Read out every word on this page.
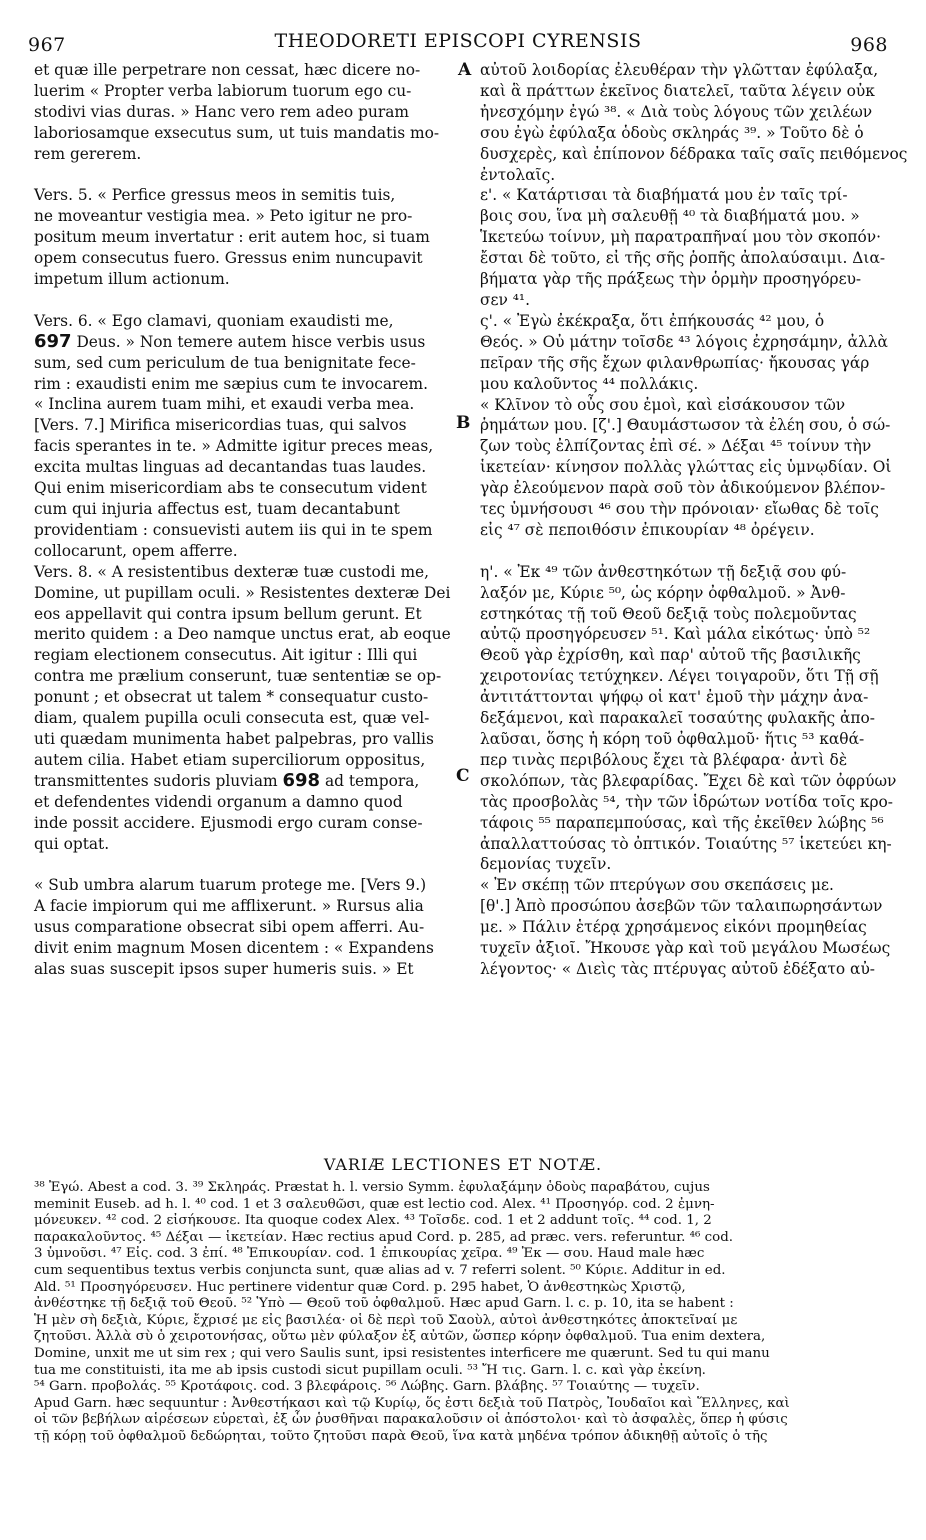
967	THEODORETI EPISCOPI CYRENSIS	968
A
B
C

et quæ ille perpetrare non cessat, hæc dicere no-

luerim « Propter verba labiorum tuorum ego cu-

stodivi vias duras. » Hanc vero rem adeo puram

laboriosamque exsecutus sum, ut tuis mandatis mo-

rem gererem.

Vers. 5. « Perfice gressus meos in semitis tuis,

ne moveantur vestigia mea. » Peto igitur ne pro-

positum meum invertatur : erit autem hoc, si tuam

opem consecutus fuero. Gressus enim nuncupavit

impetum illum actionum.

Vers. 6. « Ego clamavi, quoniam exaudisti me,

697 Deus. » Non temere autem hisce verbis usus

sum, sed cum periculum de tua benignitate fece-

rim : exaudisti enim me sæpius cum te invocarem.

« Inclina aurem tuam mihi, et exaudi verba mea.

[Vers. 7.] Mirifica misericordias tuas, qui salvos

facis sperantes in te. » Admitte igitur preces meas,

excita multas linguas ad decantandas tuas laudes.

Qui enim misericordiam abs te consecutum vident

cum qui injuria affectus est, tuam decantabunt

providentiam : consuevisti autem iis qui in te spem

collocarunt, opem afferre.

Vers. 8. « A resistentibus dexteræ tuæ custodi me,

Domine, ut pupillam oculi. » Resistentes dexteræ Dei

eos appellavit qui contra ipsum bellum gerunt. Et

merito quidem : a Deo namque unctus erat, ab eoque

regiam electionem consecutus. Ait igitur : Illi qui

contra me prælium conserunt, tuæ sententiæ se op-

ponunt ; et obsecrat ut talem * consequatur custo-

diam, qualem pupilla oculi consecuta est, quæ vel-

uti quædam munimenta habet palpebras, pro vallis

autem cilia. Habet etiam superciliorum oppositus,

transmittentes sudoris pluviam 698 ad tempora,

et defendentes videndi organum a damno quod

inde possit accidere. Ejusmodi ergo curam conse-

qui optat.

« Sub umbra alarum tuarum protege me. [Vers 9.)

A facie impiorum qui me afflixerunt. » Rursus alia

usus comparatione obsecrat sibi opem afferri. Au-

divit enim magnum Mosen dicentem : « Expandens

alas suas suscepit ipsos super humeris suis. » Et

αὐτοῦ λοιδορίας ἐλευθέραν τὴν γλῶτταν ἐφύλαξα,

καὶ ἃ πράττων ἐκεῖνος διατελεῖ, ταῦτα λέγειν οὐκ

ἠνεσχόμην ἐγώ ³⁸. « Διὰ τοὺς λόγους τῶν χειλέων

σου ἐγὼ ἐφύλαξα ὁδοὺς σκληράς ³⁹. » Τοῦτο δὲ ὁ

δυσχερὲς, καὶ ἐπίπονον δέδρακα ταῖς σαῖς πειθόμενος

ἐντολαῖς.

ε'. « Κατάρτισαι τὰ διαβήματά μου ἐν ταῖς τρί-

βοις σου, ἵνα μὴ σαλευθῇ ⁴⁰ τὰ διαβήματά μου. »

Ἱκετεύω τοίνυν, μὴ παρατραπῆναί μου τὸν σκοπόν·

ἔσται δὲ τοῦτο, εἰ τῆς σῆς ῥοπῆς ἀπολαύσαιμι. Δια-

βήματα γὰρ τῆς πράξεως τὴν ὁρμὴν προσηγόρευ-

σεν ⁴¹.

ς'. « Ἐγὼ ἐκέκραξα, ὅτι ἐπήκουσάς ⁴² μου, ὁ

Θεός. » Οὐ μάτην τοῖσδε ⁴³ λόγοις ἐχρησάμην, ἀλλὰ

πεῖραν τῆς σῆς ἔχων φιλανθρωπίας· ἤκουσας γάρ

μου καλοῦντος ⁴⁴ πολλάκις.

« Κλῖνον τὸ οὖς σου ἐμοὶ, καὶ εἰσάκουσον τῶν

ῥημάτων μου. [ζ'.] Θαυμάστωσον τὰ ἐλέη σου, ὁ σώ-

ζων τοὺς ἐλπίζοντας ἐπὶ σέ. » Δέξαι ⁴⁵ τοίνυν τὴν

ἱκετείαν· κίνησον πολλὰς γλώττας εἰς ὑμνῳδίαν. Οἱ

γὰρ ἐλεούμενον παρὰ σοῦ τὸν ἀδικούμενον βλέπον-

τες ὑμνήσουσι ⁴⁶ σου τὴν πρόνοιαν· εἴωθας δὲ τοῖς

εἰς ⁴⁷ σὲ πεποιθόσιν ἐπικουρίαν ⁴⁸ ὀρέγειν.

η'. « Ἐκ ⁴⁹ τῶν ἀνθεστηκότων τῇ δεξιᾷ σου φύ-

λαξόν με, Κύριε ⁵⁰, ὡς κόρην ὀφθαλμοῦ. » Ἀνθ-

εστηκότας τῇ τοῦ Θεοῦ δεξιᾷ τοὺς πολεμοῦντας

αὐτῷ προσηγόρευσεν ⁵¹. Καὶ μάλα εἰκότως· ὑπὸ ⁵²

Θεοῦ γὰρ ἐχρίσθη, καὶ παρ' αὐτοῦ τῆς βασιλικῆς

χειροτονίας τετύχηκεν. Λέγει τοιγαροῦν, ὅτι Τῇ σῇ

ἀντιτάττονται ψήφῳ οἱ κατ' ἐμοῦ τὴν μάχην ἀνα-

δεξάμενοι, καὶ παρακαλεῖ τοσαύτης φυλακῆς ἀπο-

λαῦσαι, ὅσης ἡ κόρη τοῦ ὀφθαλμοῦ· ἥτις ⁵³ καθά-

περ τινὰς περιβόλους ἔχει τὰ βλέφαρα· ἀντὶ δὲ

σκολόπων, τὰς βλεφαρίδας. Ἔχει δὲ καὶ τῶν ὀφρύων

τὰς προσβολὰς ⁵⁴, τὴν τῶν ἱδρώτων νοτίδα τοῖς κρο-

τάφοις ⁵⁵ παραπεμπούσας, καὶ τῆς ἐκεῖθεν λώβης ⁵⁶

ἀπαλλαττούσας τὸ ὀπτικόν. Τοιαύτης ⁵⁷ ἱκετεύει κη-

δεμονίας τυχεῖν.

« Ἐν σκέπῃ τῶν πτερύγων σου σκεπάσεις με.

[θ'.] Ἀπὸ προσώπου ἀσεβῶν τῶν ταλαιπωρησάντων

με. » Πάλιν ἑτέρᾳ χρησάμενος εἰκόνι προμηθείας

τυχεῖν ἀξιοῖ. Ἤκουσε γὰρ καὶ τοῦ μεγάλου Μωσέως

λέγοντος· « Διεὶς τὰς πτέρυγας αὐτοῦ ἐδέξατο αὐ-

VARIÆ LECTIONES ET NOTÆ.

³⁸ Ἐγώ. Abest a cod. 3. ³⁹ Σκληράς. Præstat h. l. versio Symm. ἐφυλαξάμην ὁδοὺς παραβάτου, cujus

meminit Euseb. ad h. l. ⁴⁰ cod. 1 et 3 σαλευθῶσι, quæ est lectio cod. Alex. ⁴¹ Προσηγόρ. cod. 2 ἐμνη-

μόνευκεν. ⁴² cod. 2 εἰσήκουσε. Ita quoque codex Alex. ⁴³ Τοῖσδε. cod. 1 et 2 addunt τοῖς. ⁴⁴ cod. 1, 2

παρακαλοῦντος. ⁴⁵ Δέξαι — ἱκετείαν. Hæc rectius apud Cord. p. 285, ad præc. vers. referuntur. ⁴⁶ cod.

3 ὑμνοῦσι. ⁴⁷ Εἰς. cod. 3 ἐπί. ⁴⁸ Ἐπικουρίαν. cod. 1 ἐπικουρίας χεῖρα. ⁴⁹ Ἐκ — σου. Haud male hæc

cum sequentibus textus verbis conjuncta sunt, quæ alias ad v. 7 referri solent. ⁵⁰ Κύριε. Additur in ed.

Ald. ⁵¹ Προσηγόρευσεν. Huc pertinere videntur quæ Cord. p. 295 habet, Ὁ ἀνθεστηκὼς Χριστῷ,

ἀνθέστηκε τῇ δεξιᾷ τοῦ Θεοῦ. ⁵² Ὑπὸ — Θεοῦ τοῦ ὀφθαλμοῦ. Hæc apud Garn. l. c. p. 10, ita se habent :

Ἡ μὲν σὴ δεξιὰ, Κύριε, ἔχρισέ με εἰς βασιλέα· οἱ δὲ περὶ τοῦ Σαοὺλ, αὐτοὶ ἀνθεστηκότες ἀποκτεῖναί με

ζητοῦσι. Ἀλλὰ σὺ ὁ χειροτονήσας, οὕτω μὲν φύλαξον ἐξ αὐτῶν, ὥσπερ κόρην ὀφθαλμοῦ. Tua enim dextera,

Domine, unxit me ut sim rex ; qui vero Saulis sunt, ipsi resistentes interficere me quærunt. Sed tu qui manu

tua me constituisti, ita me ab ipsis custodi sicut pupillam oculi. ⁵³ Ἤ τις. Garn. l. c. καὶ γὰρ ἐκείνη.

⁵⁴ Garn. προβολάς. ⁵⁵ Κροτάφοις. cod. 3 βλεφάροις. ⁵⁶ Λώβης. Garn. βλάβης. ⁵⁷ Τοιαύτης — τυχεῖν.

Apud Garn. hæc sequuntur : Ἀνθεστήκασι καὶ τῷ Κυρίῳ, ὅς ἐστι δεξιὰ τοῦ Πατρὸς, Ἰουδαῖοι καὶ Ἕλληνες, καὶ

οἱ τῶν βεβήλων αἱρέσεων εὑρεταὶ, ἐξ ὧν ῥυσθῆναι παρακαλοῦσιν οἱ ἀπόστολοι· καὶ τὸ ἀσφαλὲς, ὅπερ ἡ φύσις

τῇ κόρῃ τοῦ ὀφθαλμοῦ δεδώρηται, τοῦτο ζητοῦσι παρὰ Θεοῦ, ἵνα κατὰ μηδένα τρόπον ἀδικηθῇ αὐτοῖς ὁ τῆς
